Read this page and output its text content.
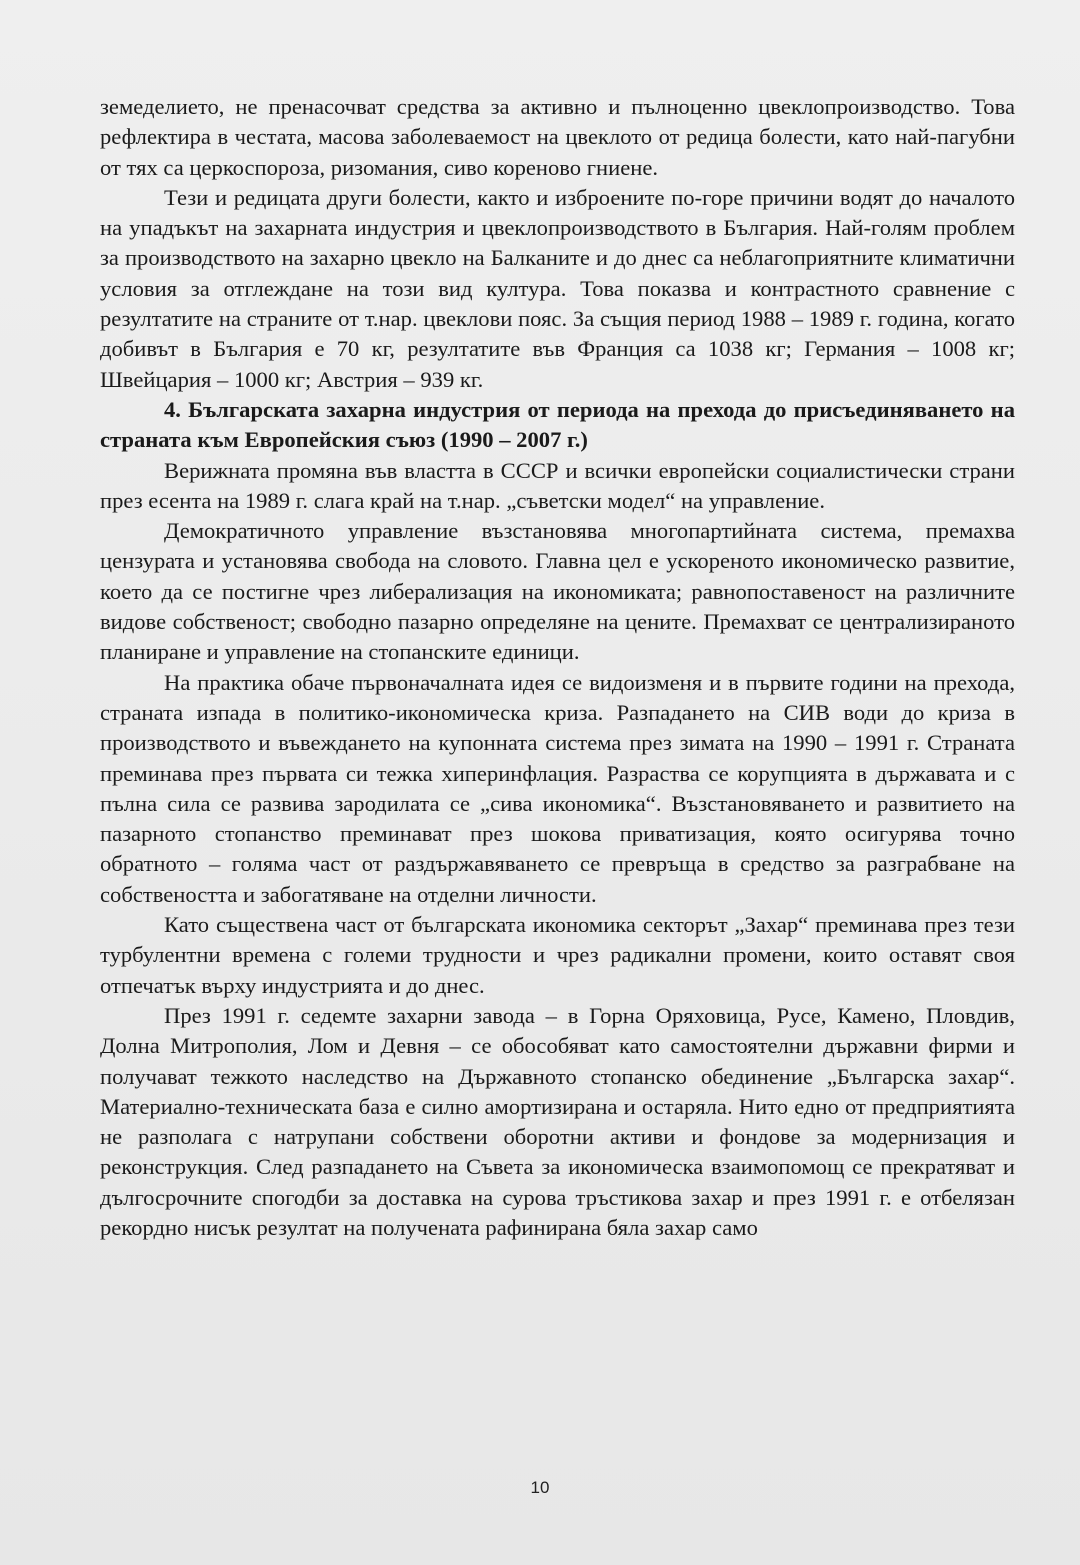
земеделието, не пренасочват средства за активно и пълноценно цвеклопроизводство. Това рефлектира в честата, масова заболеваемост на цвеклото от редица болести, като най-пагубни от тях са церкоспороза, ризомания, сиво кореново гниене.

Тези и редицата други болести, както и изброените по-горе причини водят до началото на упадъкът на захарната индустрия и цвеклопроизводството в България. Най-голям проблем за производството на захарно цвекло на Балканите и до днес са неблагоприятните климатични условия за отглеждане на този вид култура. Това показва и контрастното сравнение с резултатите на страните от т.нар. цвеклови пояс. За същия период 1988 – 1989 г. година, когато добивът в България е 70 кг, резултатите във Франция са 1038 кг; Германия – 1008 кг; Швейцария – 1000 кг; Австрия – 939 кг.

4. Българската захарна индустрия от периода на прехода до присъединяването на страната към Европейския съюз (1990 – 2007 г.)

Верижната промяна във властта в СССР и всички европейски социалистически страни през есента на 1989 г. слага край на т.нар. „съветски модел“ на управление.

Демократичното управление възстановява многопартийната система, премахва цензурата и установява свобода на словото. Главна цел е ускореното икономическо развитие, което да се постигне чрез либерализация на икономиката; равнопоставеност на различните видове собственост; свободно пазарно определяне на цените. Премахват се централизираното планиране и управление на стопанските единици.

На практика обаче първоначалната идея се видоизменя и в първите години на прехода, страната изпада в политико-икономическа криза. Разпадането на СИВ води до криза в производството и въвеждането на купонната система през зимата на 1990 – 1991 г. Страната преминава през първата си тежка хиперинфлация. Разраства се корупцията в държавата и с пълна сила се развива зародилата се „сива икономика“. Възстановяването и развитието на пазарното стопанство преминават през шокова приватизация, която осигурява точно обратното – голяма част от раздържавяването се превръща в средство за разграбване на собствеността и забогатяване на отделни личности.

Като съществена част от българската икономика секторът „Захар“ преминава през тези турбулентни времена с големи трудности и чрез радикални промени, които оставят своя отпечатък върху индустрията и до днес.

През 1991 г. седемте захарни завода – в Горна Оряховица, Русе, Камено, Пловдив, Долна Митрополия, Лом и Девня – се обособяват като самостоятелни държавни фирми и получават тежкото наследство на Държавното стопанско обединение „Българска захар“. Материално-техническата база е силно амортизирана и остаряла. Нито едно от предприятията не разполага с натрупани собствени оборотни активи и фондове за модернизация и реконструкция. След разпадането на Съвета за икономическа взаимопомощ се прекратяват и дългосрочните спогодби за доставка на сурова тръстикова захар и през 1991 г. е отбелязан рекордно нисък резултат на получената рафинирана бяла захар само

10
